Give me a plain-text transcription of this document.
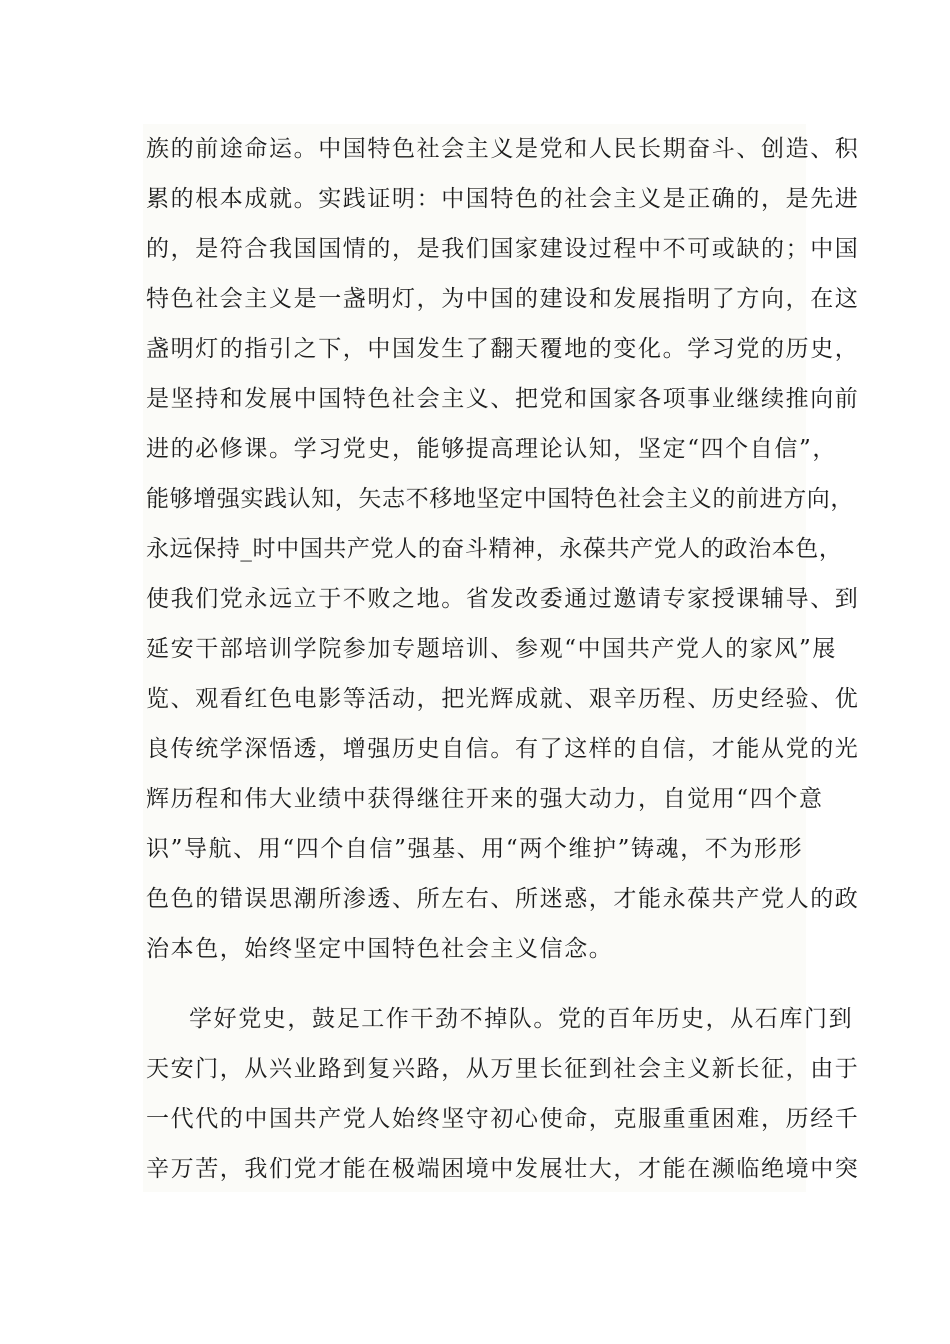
族的前途命运。中国特色社会主义是党和人民长期奋斗、创造、积
累的根本成就。实践证明：中国特色的社会主义是正确的，是先进
的，是符合我国国情的，是我们国家建设过程中不可或缺的；中国
特色社会主义是一盏明灯，为中国的建设和发展指明了方向，在这
盏明灯的指引之下，中国发生了翻天覆地的变化。学习党的历史，
是坚持和发展中国特色社会主义、把党和国家各项事业继续推向前
进的必修课。学习党史，能够提高理论认知，坚定“四个自信”，
能够增强实践认知，矢志不移地坚定中国特色社会主义的前进方向，
永远保持_时中国共产党人的奋斗精神，永葆共产党人的政治本色，
使我们党永远立于不败之地。省发改委通过邀请专家授课辅导、到
延安干部培训学院参加专题培训、参观“中国共产党人的家风”展
览、观看红色电影等活动，把光辉成就、艰辛历程、历史经验、优
良传统学深悟透，增强历史自信。有了这样的自信，才能从党的光
辉历程和伟大业绩中获得继往开来的强大动力，自觉用“四个意
识”导航、用“四个自信”强基、用“两个维护”铸魂，不为形形
色色的错误思潮所渗透、所左右、所迷惑，才能永葆共产党人的政
治本色，始终坚定中国特色社会主义信念。
学好党史，鼓足工作干劲不掉队。党的百年历史，从石库门到
天安门，从兴业路到复兴路，从万里长征到社会主义新长征，由于
一代代的中国共产党人始终坚守初心使命，克服重重困难，历经千
辛万苦，我们党才能在极端困境中发展壮大，才能在濒临绝境中突
